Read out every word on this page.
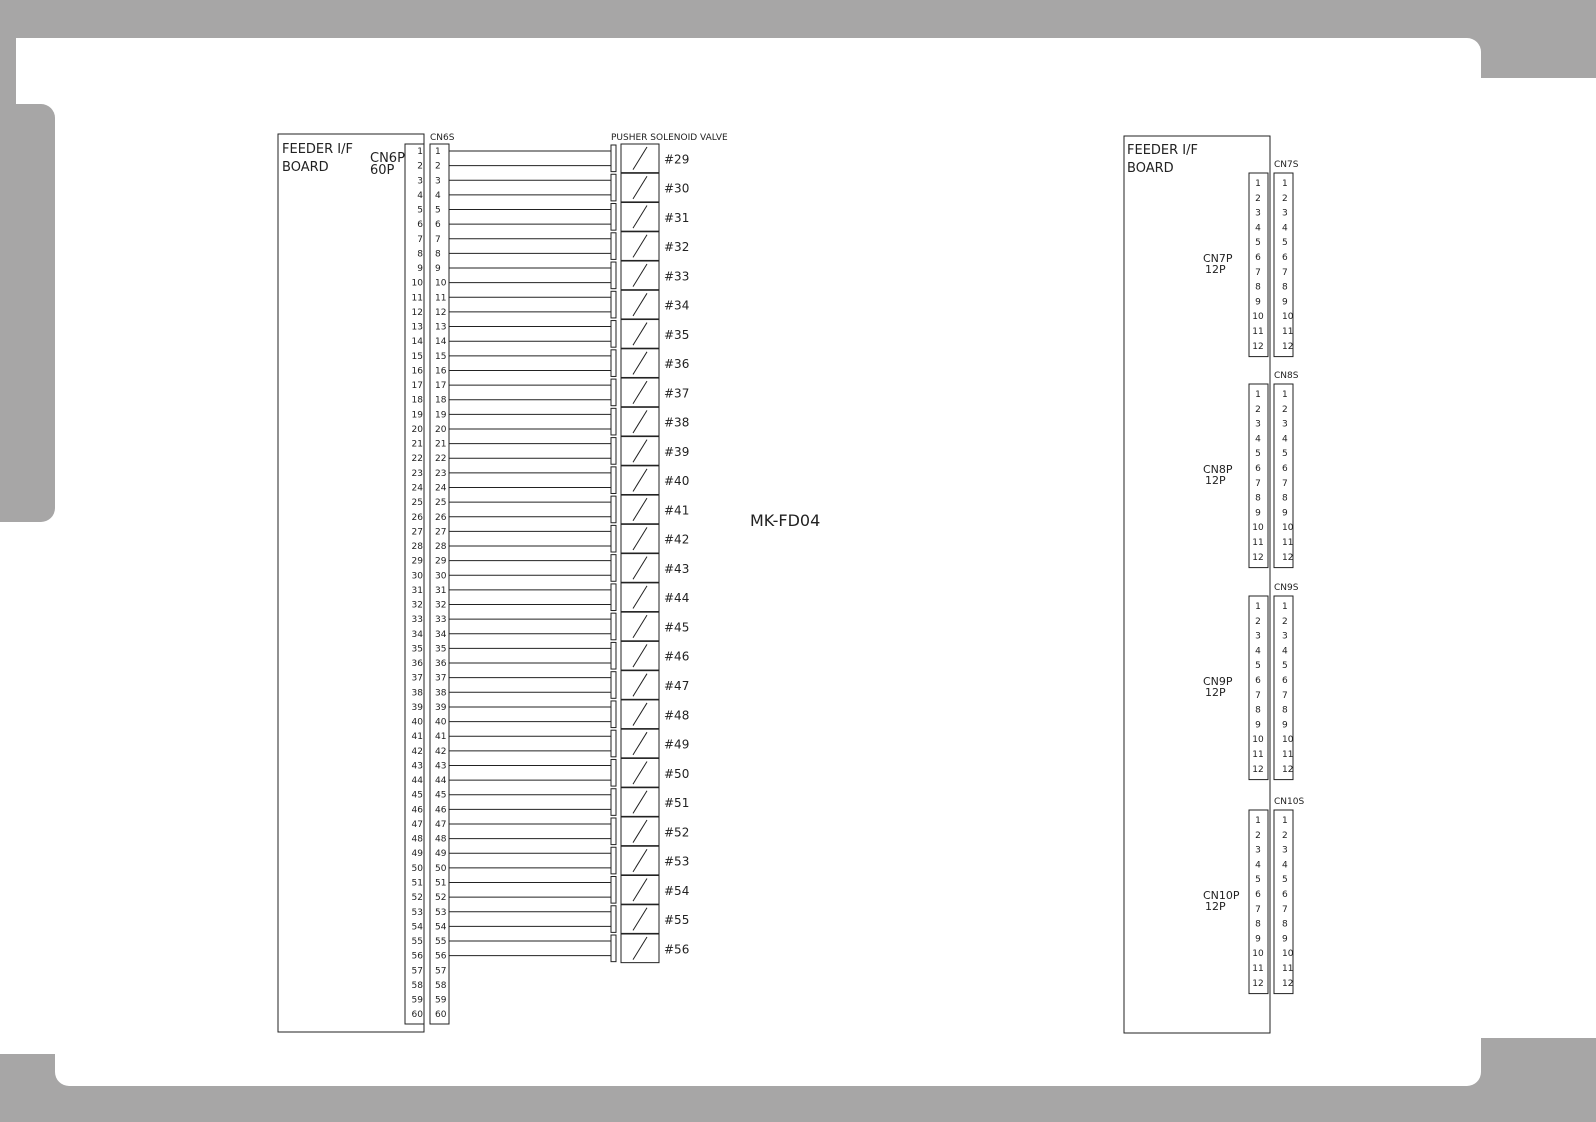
FEEDER I/F
BOARD
CN6P
60P
1
2
3
4
5
6
7
8
9
10
11
12
13
14
15
16
17
18
19
20
21
22
23
24
25
26
27
28
29
30
31
32
33
34
35
36
37
38
39
40
41
42
43
44
45
46
47
48
49
50
51
52
53
54
55
56
57
58
59
60
CN6S
1
2
3
4
5
6
7
8
9
10
11
12
13
14
15
16
17
18
19
20
21
22
23
24
25
26
27
28
29
30
31
32
33
34
35
36
37
38
39
40
41
42
43
44
45
46
47
48
49
50
51
52
53
54
55
56
57
58
59
60
PUSHER SOLENOID VALVE
#29
#30
#31
#32
#33
#34
#35
#36
#37
#38
#39
#40
#41
#42
#43
#44
#45
#46
#47
#48
#49
#50
#51
#52
#53
#54
#55
#56
MK-FD04
FEEDER I/F
BOARD	CN7S
CN7P
12P
1 1
2 2
3 3
4 4
5 5
6 6
7 7
8 8
9 9
10 10
11 11
12 12
CN8S
CN8P
12P
1 1
2 2
3 3
4 4
5 5
6 6
7 7
8 8
9 9
10 10
11 11
12 12
CN9S
CN9P
12P
1 1
2 2
3 3
4 4
5 5
6 6
7 7
8 8
9 9
10 10
11 11
12 12
CN10S
CN10P
12P
1 1
2 2
3 3
4 4
5 5
6 6
7 7
8 8
9 9
10 10
11 11
12 12
